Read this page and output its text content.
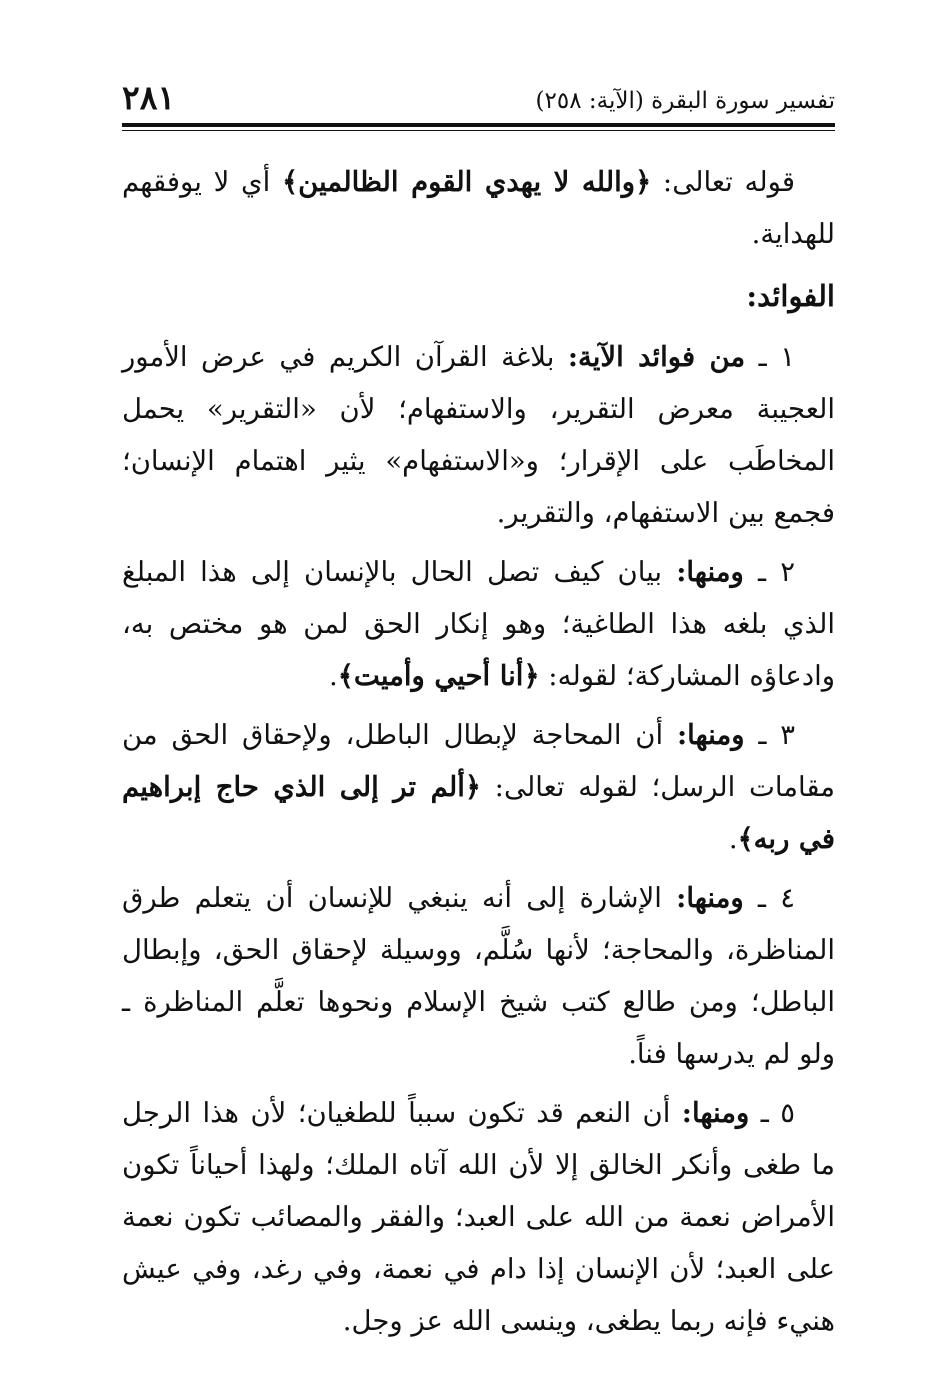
تفسير سورة البقرة (الآية: ٢٥٨)
٢٨١

قوله تعالى: ﴿والله لا يهدي القوم الظالمين﴾ أي لا يوفقهم للهداية.

الفوائد:

١ ـ من فوائد الآية: بلاغة القرآن الكريم في عرض الأمور العجيبة معرض التقرير، والاستفهام؛ لأن «التقرير» يحمل المخاطَب على الإقرار؛ و«الاستفهام» يثير اهتمام الإنسان؛ فجمع بين الاستفهام، والتقرير.

٢ ـ ومنها: بيان كيف تصل الحال بالإنسان إلى هذا المبلغ الذي بلغه هذا الطاغية؛ وهو إنكار الحق لمن هو مختص به، وادعاؤه المشاركة؛ لقوله: ﴿أنا أحيي وأميت﴾.

٣ ـ ومنها: أن المحاجة لإبطال الباطل، ولإحقاق الحق من مقامات الرسل؛ لقوله تعالى: ﴿ألم تر إلى الذي حاج إبراهيم في ربه﴾.

٤ ـ ومنها: الإشارة إلى أنه ينبغي للإنسان أن يتعلم طرق المناظرة، والمحاجة؛ لأنها سُلَّم، ووسيلة لإحقاق الحق، وإبطال الباطل؛ ومن طالع كتب شيخ الإسلام ونحوها تعلَّم المناظرة ـ ولو لم يدرسها فناً.

٥ ـ ومنها: أن النعم قد تكون سبباً للطغيان؛ لأن هذا الرجل ما طغى وأنكر الخالق إلا لأن الله آتاه الملك؛ ولهذا أحياناً تكون الأمراض نعمة من الله على العبد؛ والفقر والمصائب تكون نعمة على العبد؛ لأن الإنسان إذا دام في نعمة، وفي رغد، وفي عيش هنيء فإنه ربما يطغى، وينسى الله عز وجل.
